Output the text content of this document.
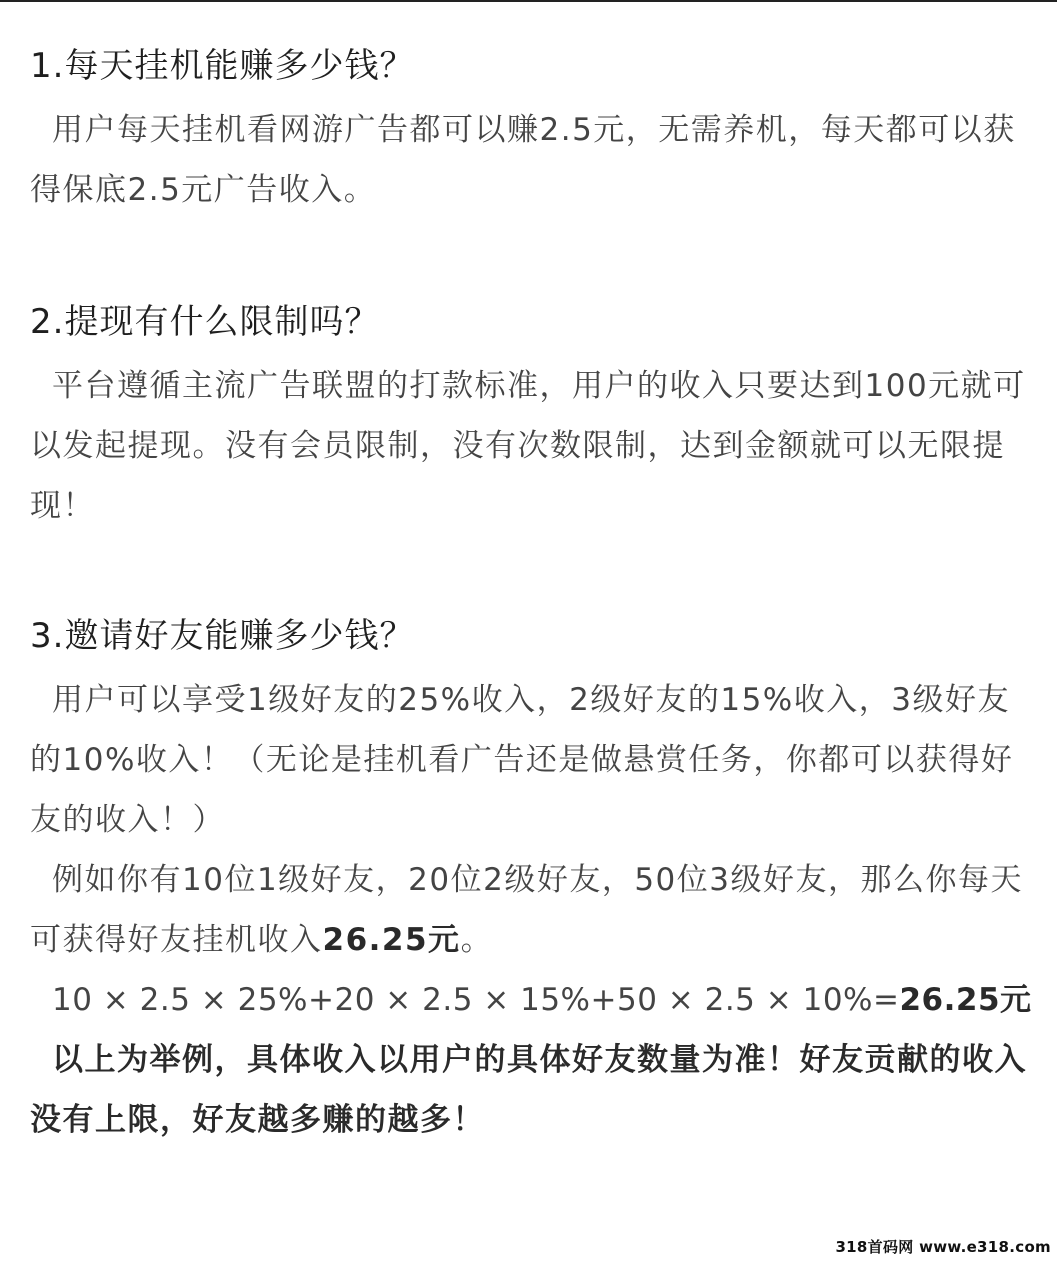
1.每天挂机能赚多少钱？

用户每天挂机看网游广告都可以赚2.5元，无需养机，每天都可以获得保底2.5元广告收入。

2.提现有什么限制吗？

平台遵循主流广告联盟的打款标准，用户的收入只要达到100元就可以发起提现。没有会员限制，没有次数限制，达到金额就可以无限提现！

3.邀请好友能赚多少钱？

用户可以享受1级好友的25%收入，2级好友的15%收入，3级好友的10%收入！（无论是挂机看广告还是做悬赏任务，你都可以获得好友的收入！）

例如你有10位1级好友，20位2级好友，50位3级好友，那么你每天可获得好友挂机收入26.25元。

10 × 2.5 × 25%+20 × 2.5 × 15%+50 × 2.5 × 10%=26.25元

以上为举例，具体收入以用户的具体好友数量为准！好友贡献的收入没有上限，好友越多赚的越多！

318首码网 www.e318.com
